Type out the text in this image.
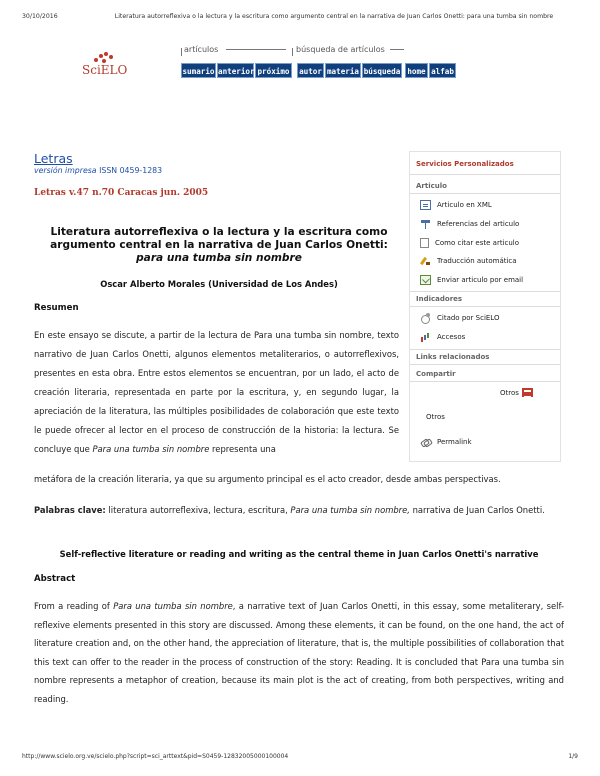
30/10/2016	Literatura autorreflexiva o la lectura y la escritura como argumento central en la narrativa de Juan Carlos Onetti: para una tumba sin nombre
SciELO
artículos	búsqueda de artículos
sumario anterior próximo	autor materia búsqueda home alfab
Letras
versión impresa ISSN 0459-1283
Letras v.47 n.70 Caracas jun. 2005
Literatura autorreflexiva o la lectura y la escritura como argumento central en la narrativa de Juan Carlos Onetti:
para una tumba sin nombre
Oscar Alberto Morales (Universidad de Los Andes)
Resumen
En este ensayo se discute, a partir de la lectura de Para una tumba sin nombre, texto narrativo de Juan Carlos Onetti, algunos elementos metaliterarios, o autorreflexivos, presentes en esta obra. Entre estos elementos se encuentran, por un lado, el acto de creación literaria, representada en parte por la escritura, y, en segundo lugar, la apreciación de la literatura, las múltiples posibilidades de colaboración que este texto le puede ofrecer al lector en el proceso de construcción de la historia: la lectura. Se concluye que Para una tumba sin nombre representa una
metáfora de la creación literaria, ya que su argumento principal es el acto creador, desde ambas perspectivas.
Palabras clave: literatura autorreflexiva, lectura, escritura, Para una tumba sin nombre, narrativa de Juan Carlos Onetti.
Self-reflective literature or reading and writing as the central theme in Juan Carlos Onetti's narrative
Abstract
From a reading of Para una tumba sin nombre, a narrative text of Juan Carlos Onetti, in this essay, some metaliterary, self-reflexive elements presented in this story are discussed. Among these elements, it can be found, on the one hand, the act of literature creation and, on the other hand, the appreciation of literature, that is, the multiple possibilities of collaboration that this text can offer to the reader in the process of construction of the story: Reading. It is concluded that Para una tumba sin nombre represents a metaphor of creation, because its main plot is the act of creating, from both perspectives, writing and reading.
Servicios Personalizados
Articulo
Articulo en XML
Referencias del articulo
Como citar este articulo
Traducción automática
Enviar articulo por email
Indicadores
Citado por SciELO
Accesos
Links relacionados
Compartir
Otros
Otros
Permalink
http://www.scielo.org.ve/scielo.php?script=sci_arttext&pid=S0459-12832005000100004	1/9
